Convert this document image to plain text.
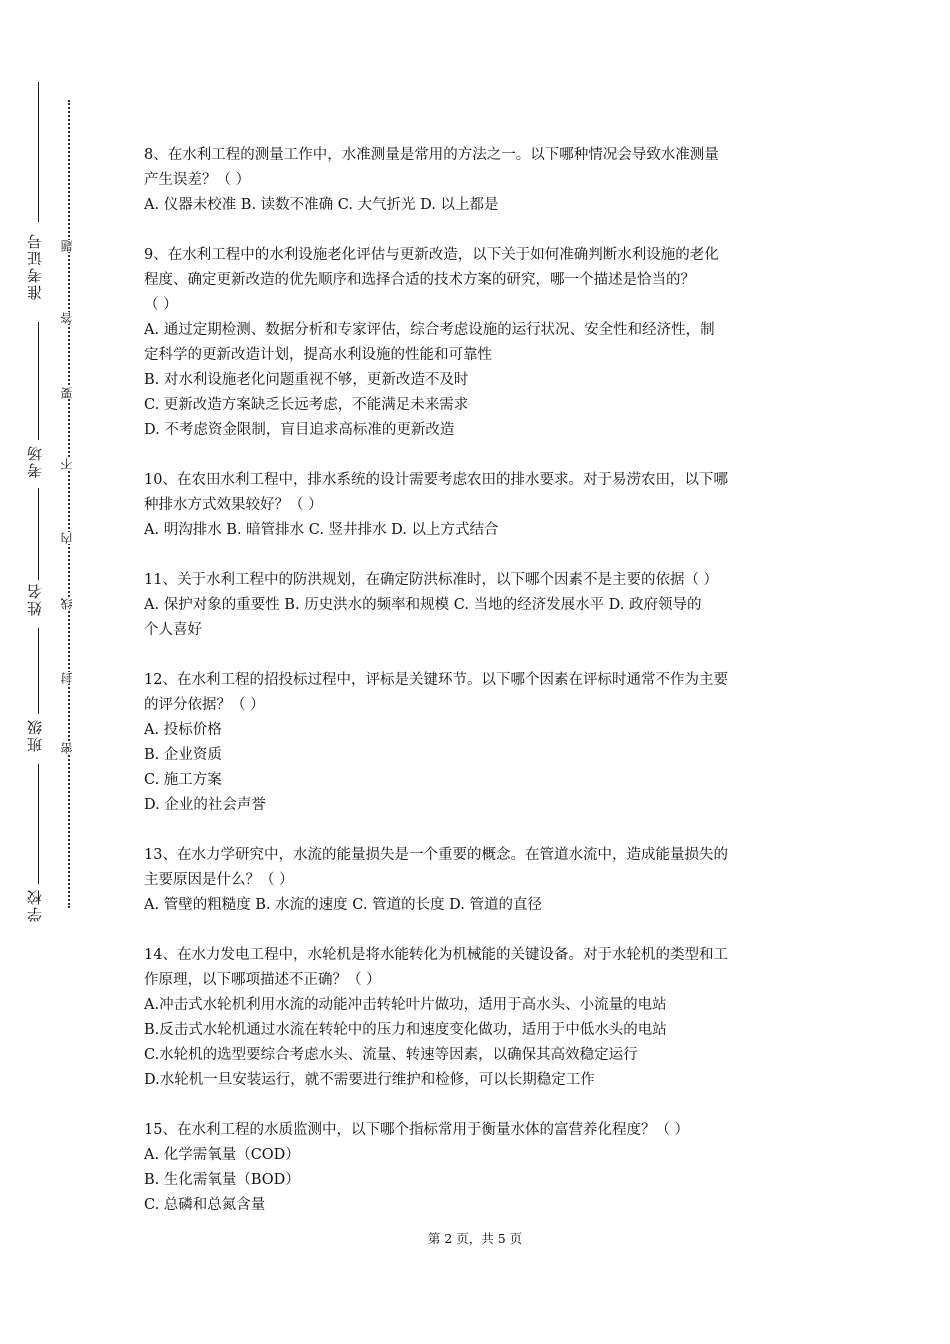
准考证号
考场
姓名
班级
学校
题
答
要
不
内
线
封
密

8、在水利工程的测量工作中，水准测量是常用的方法之一。以下哪种情况会导致水准测量

产生误差？（ ）

A. 仪器未校准 B. 读数不准确 C. 大气折光 D. 以上都是

9、在水利工程中的水利设施老化评估与更新改造，以下关于如何准确判断水利设施的老化

程度、确定更新改造的优先顺序和选择合适的技术方案的研究，哪一个描述是恰当的？

（ ）

A. 通过定期检测、数据分析和专家评估，综合考虑设施的运行状况、安全性和经济性，制

定科学的更新改造计划，提高水利设施的性能和可靠性

B. 对水利设施老化问题重视不够，更新改造不及时

C. 更新改造方案缺乏长远考虑，不能满足未来需求

D. 不考虑资金限制，盲目追求高标准的更新改造

10、在农田水利工程中，排水系统的设计需要考虑农田的排水要求。对于易涝农田，以下哪

种排水方式效果较好？（ ）

A. 明沟排水 B. 暗管排水 C. 竖井排水 D. 以上方式结合

11、关于水利工程中的防洪规划，在确定防洪标准时，以下哪个因素不是主要的依据（ ）

A. 保护对象的重要性 B. 历史洪水的频率和规模 C. 当地的经济发展水平 D. 政府领导的

个人喜好

12、在水利工程的招投标过程中，评标是关键环节。以下哪个因素在评标时通常不作为主要

的评分依据？（ ）

A. 投标价格

B. 企业资质

C. 施工方案

D. 企业的社会声誉

13、在水力学研究中，水流的能量损失是一个重要的概念。在管道水流中，造成能量损失的

主要原因是什么？（ ）

A. 管壁的粗糙度 B. 水流的速度 C. 管道的长度 D. 管道的直径

14、在水力发电工程中，水轮机是将水能转化为机械能的关键设备。对于水轮机的类型和工

作原理，以下哪项描述不正确？（ ）

A.冲击式水轮机利用水流的动能冲击转轮叶片做功，适用于高水头、小流量的电站

B.反击式水轮机通过水流在转轮中的压力和速度变化做功，适用于中低水头的电站

C.水轮机的选型要综合考虑水头、流量、转速等因素，以确保其高效稳定运行

D.水轮机一旦安装运行，就不需要进行维护和检修，可以长期稳定工作

15、在水利工程的水质监测中，以下哪个指标常用于衡量水体的富营养化程度？（ ）

A. 化学需氧量（COD）

B. 生化需氧量（BOD）

C. 总磷和总氮含量

第 2 页，共 5 页
